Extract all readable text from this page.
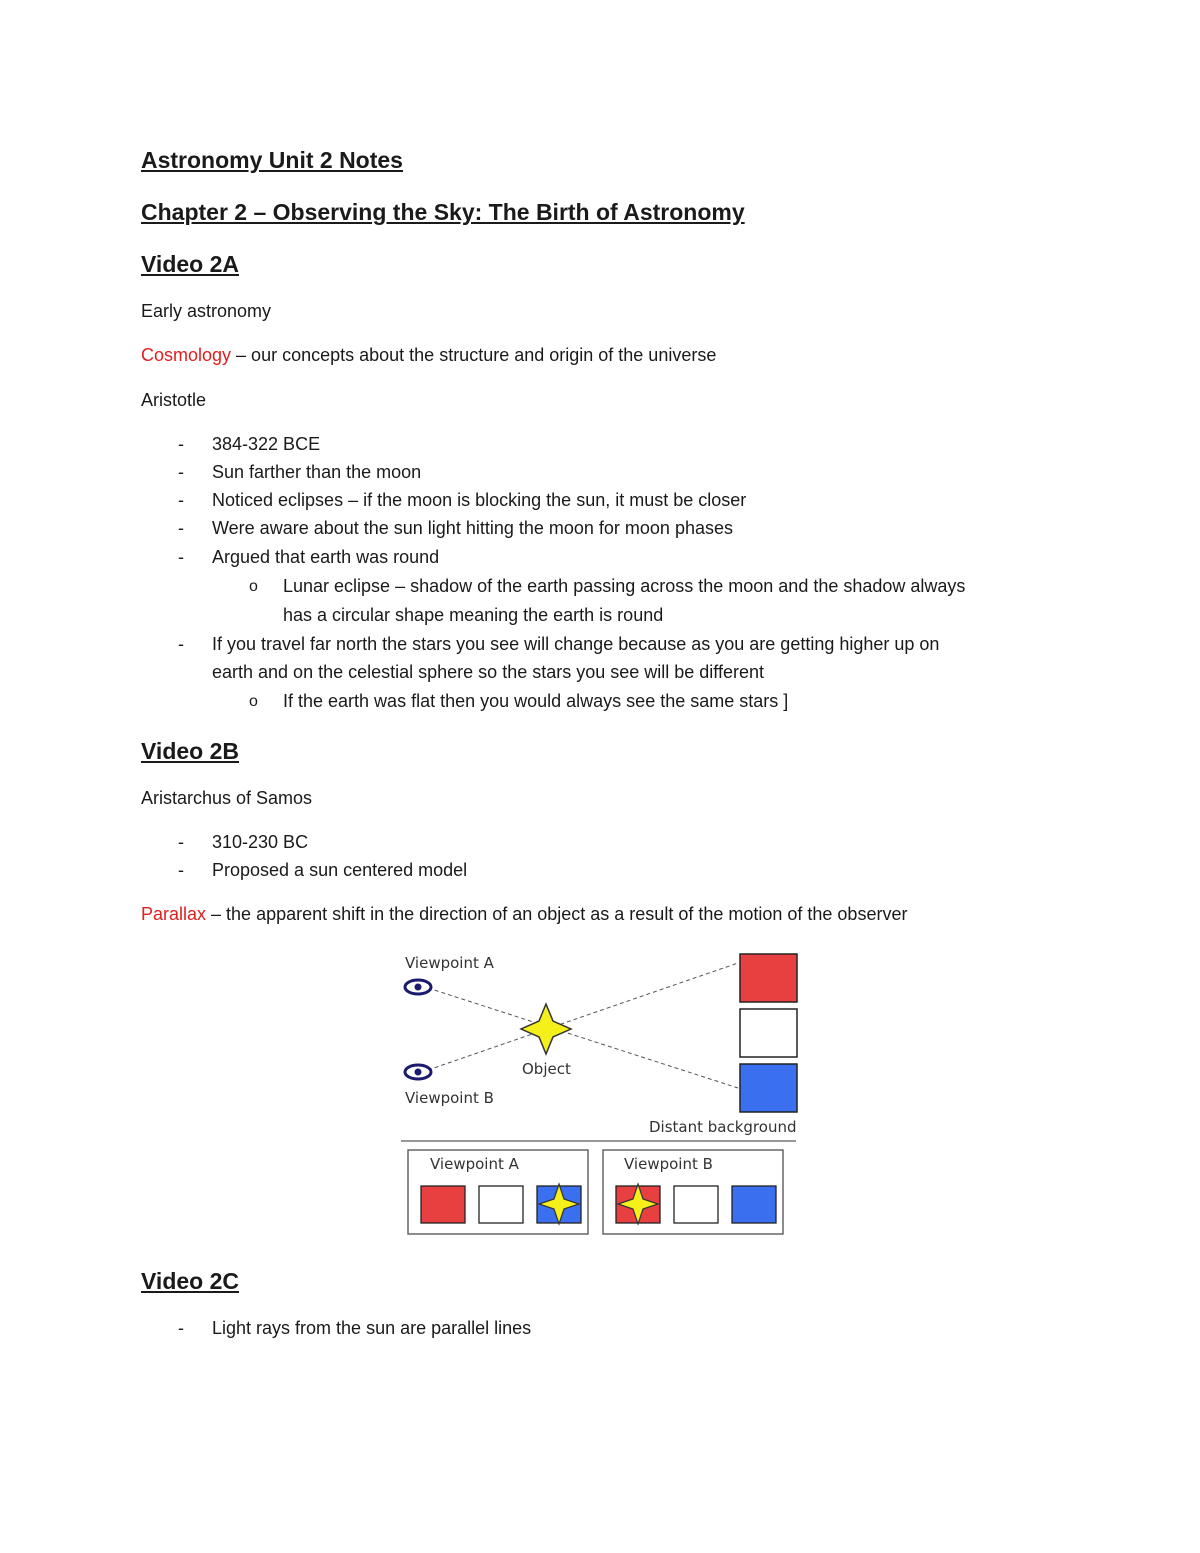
Astronomy Unit 2 Notes
Chapter 2 – Observing the Sky: The Birth of Astronomy
Video 2A
Early astronomy
Cosmology – our concepts about the structure and origin of the universe
Aristotle
- 384-322 BCE
- Sun farther than the moon
- Noticed eclipses – if the moon is blocking the sun, it must be closer
- Were aware about the sun light hitting the moon for moon phases
- Argued that earth was round
o Lunar eclipse – shadow of the earth passing across the moon and the shadow always
has a circular shape meaning the earth is round
- If you travel far north the stars you see will change because as you are getting higher up on
earth and on the celestial sphere so the stars you see will be different
o If the earth was flat then you would always see the same stars ]
Video 2B
Aristarchus of Samos
- 310-230 BC
- Proposed a sun centered model
Parallax – the apparent shift in the direction of an object as a result of the motion of the observer
Viewpoint A
Viewpoint B
Object
Distant background
Viewpoint A	Viewpoint B
Video 2C
- Light rays from the sun are parallel lines
